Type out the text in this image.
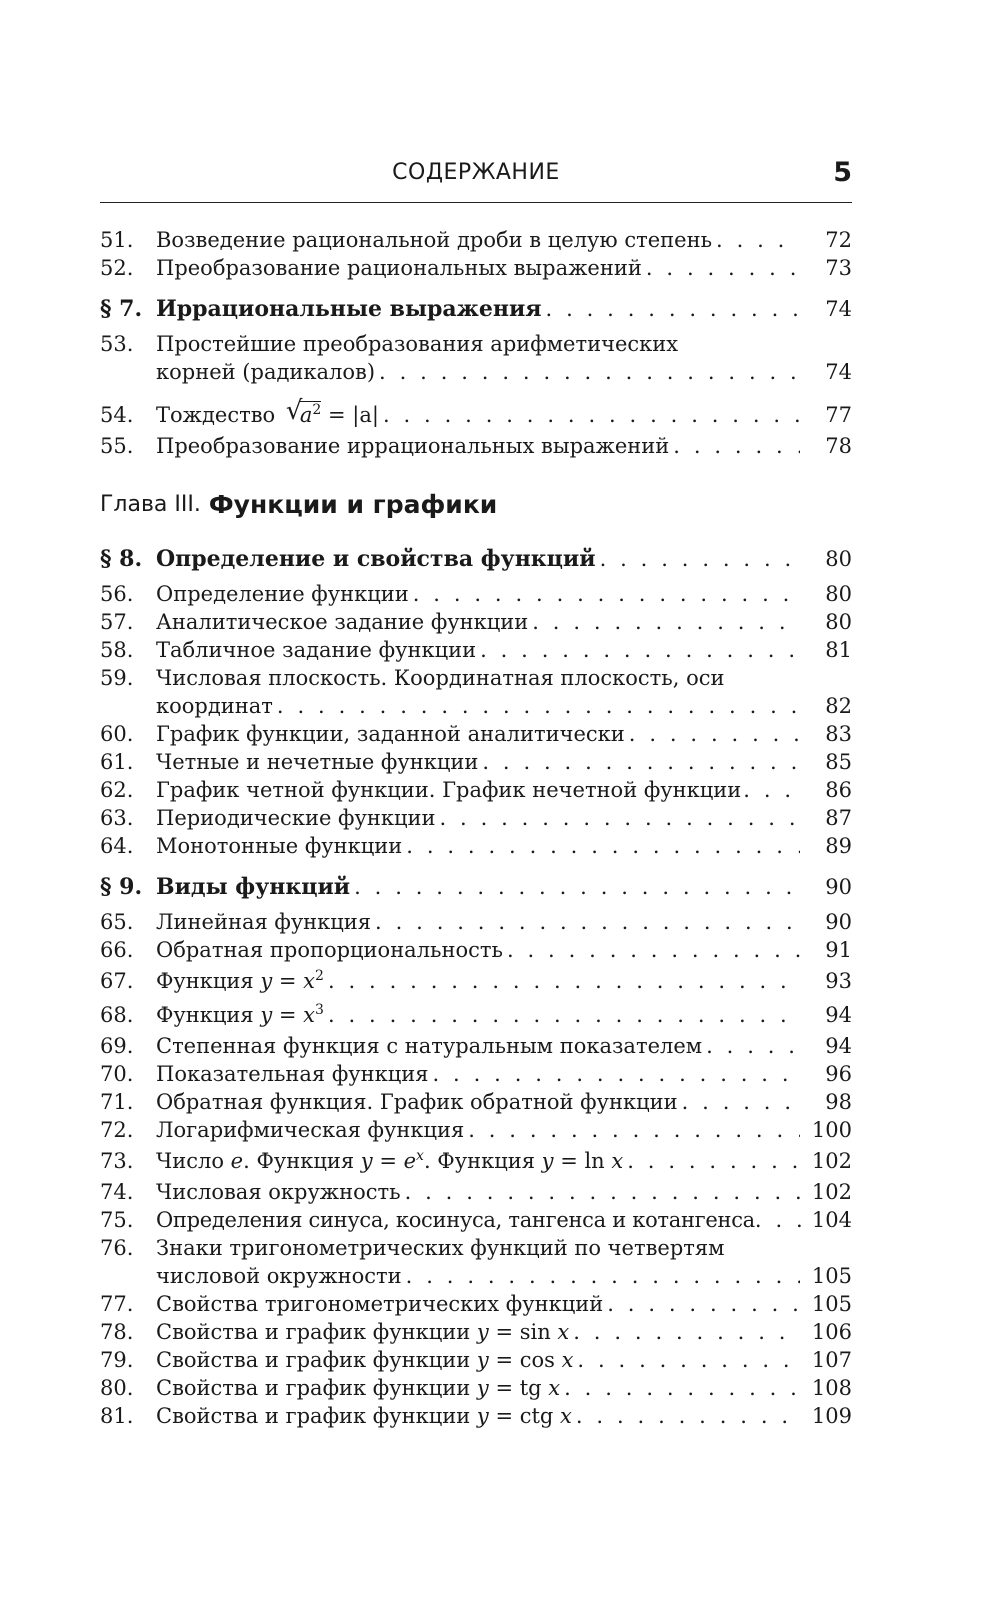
СОДЕРЖАНИЕ	5
51.	Возведение рациональной дроби в целую степень . . .	72
52.	Преобразование рациональных выражений . . .	73
§ 7. Иррациональные выражения . . .	74
53.	Простейшие преобразования арифметических
корней (радикалов) . . .	74
54.	Тождество √ $a^2 = |a|$ . . .	77
55.	Преобразование иррациональных выражений . . .	78
Глава III. Функции и графики
§ 8. Определение и свойства функций . . .	80
56.	Определение функции . . .	80
57.	Аналитическое задание функции . . .	80
58.	Табличное задание функции . . .	81
59.	Числовая плоскость. Координатная плоскость, оси
координат . . .	82
60.	График функции, заданной аналитически . . .	83
61.	Четные и нечетные функции . . .	85
62.	График четной функции. График нечетной функции . . .	86
63.	Периодические функции . . .	87
64.	Монотонные функции . . .	89
§ 9. Виды функций . . .	90
65.	Линейная функция . . .	90
66.	Обратная пропорциональность . . .	91
67.	Функция $y = x^2$ . . .	93
68.	Функция $y = x^3$ . . .	94
69.	Степенная функция с натуральным показателем . . .	94
70.	Показательная функция . . .	96
71.	Обратная функция. График обратной функции . . .	98
72.	Логарифмическая функция . . .	100
73.	Число e. Функция $y = e^x$. Функция y = ln x . . .	102
74.	Числовая окружность . . .	102
75.	Определения синуса, косинуса, тангенса и котангенса . . .	104
76.	Знаки тригонометрических функций по четвертям
числовой окружности . . .	105
77.	Свойства тригонометрических функций . . .	105
78.	Свойства и график функции y = sin x . . .	106
79.	Свойства и график функции y = cos x . . .	107
80.	Свойства и график функции y = tg x . . .	108
81.	Свойства и график функции y = ctg x . . .	109
